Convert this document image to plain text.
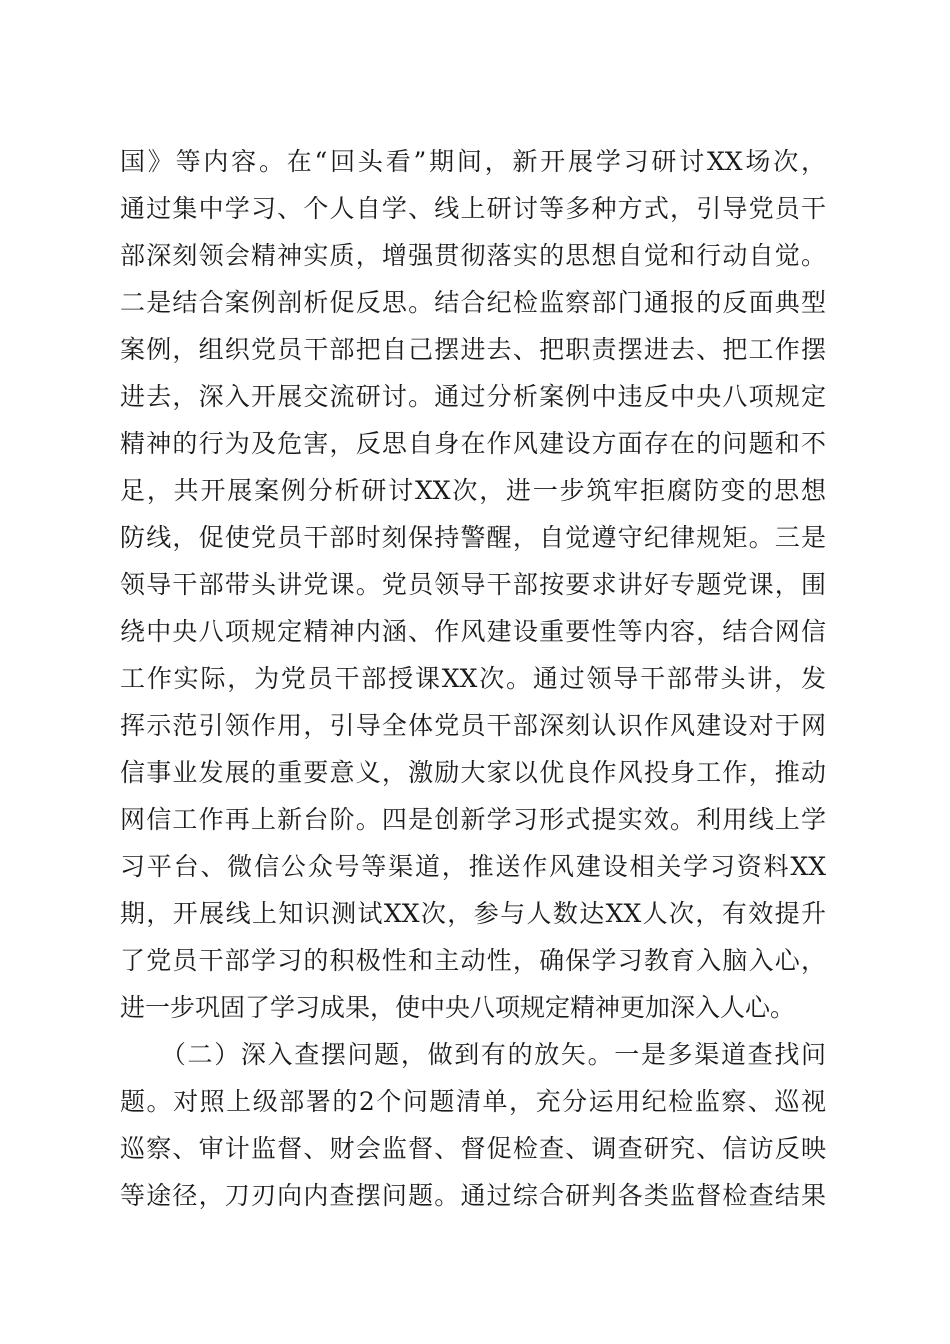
国》等内容。在“回头看”期间，新开展学习研讨XX场次，
通过集中学习、个人自学、线上研讨等多种方式，引导党员干
部深刻领会精神实质，增强贯彻落实的思想自觉和行动自觉。
二是结合案例剖析促反思。结合纪检监察部门通报的反面典型
案例，组织党员干部把自己摆进去、把职责摆进去、把工作摆
进去，深入开展交流研讨。通过分析案例中违反中央八项规定
精神的行为及危害，反思自身在作风建设方面存在的问题和不
足，共开展案例分析研讨XX次，进一步筑牢拒腐防变的思想
防线，促使党员干部时刻保持警醒，自觉遵守纪律规矩。三是
领导干部带头讲党课。党员领导干部按要求讲好专题党课，围
绕中央八项规定精神内涵、作风建设重要性等内容，结合网信
工作实际，为党员干部授课XX次。通过领导干部带头讲，发
挥示范引领作用，引导全体党员干部深刻认识作风建设对于网
信事业发展的重要意义，激励大家以优良作风投身工作，推动
网信工作再上新台阶。四是创新学习形式提实效。利用线上学
习平台、微信公众号等渠道，推送作风建设相关学习资料XX
期，开展线上知识测试XX次，参与人数达XX人次，有效提升
了党员干部学习的积极性和主动性，确保学习教育入脑入心，
进一步巩固了学习成果，使中央八项规定精神更加深入人心。
　　（二）深入查摆问题，做到有的放矢。一是多渠道查找问
题。对照上级部署的2个问题清单，充分运用纪检监察、巡视
巡察、审计监督、财会监督、督促检查、调查研究、信访反映
等途径，刀刃向内查摆问题。通过综合研判各类监督检查结果
